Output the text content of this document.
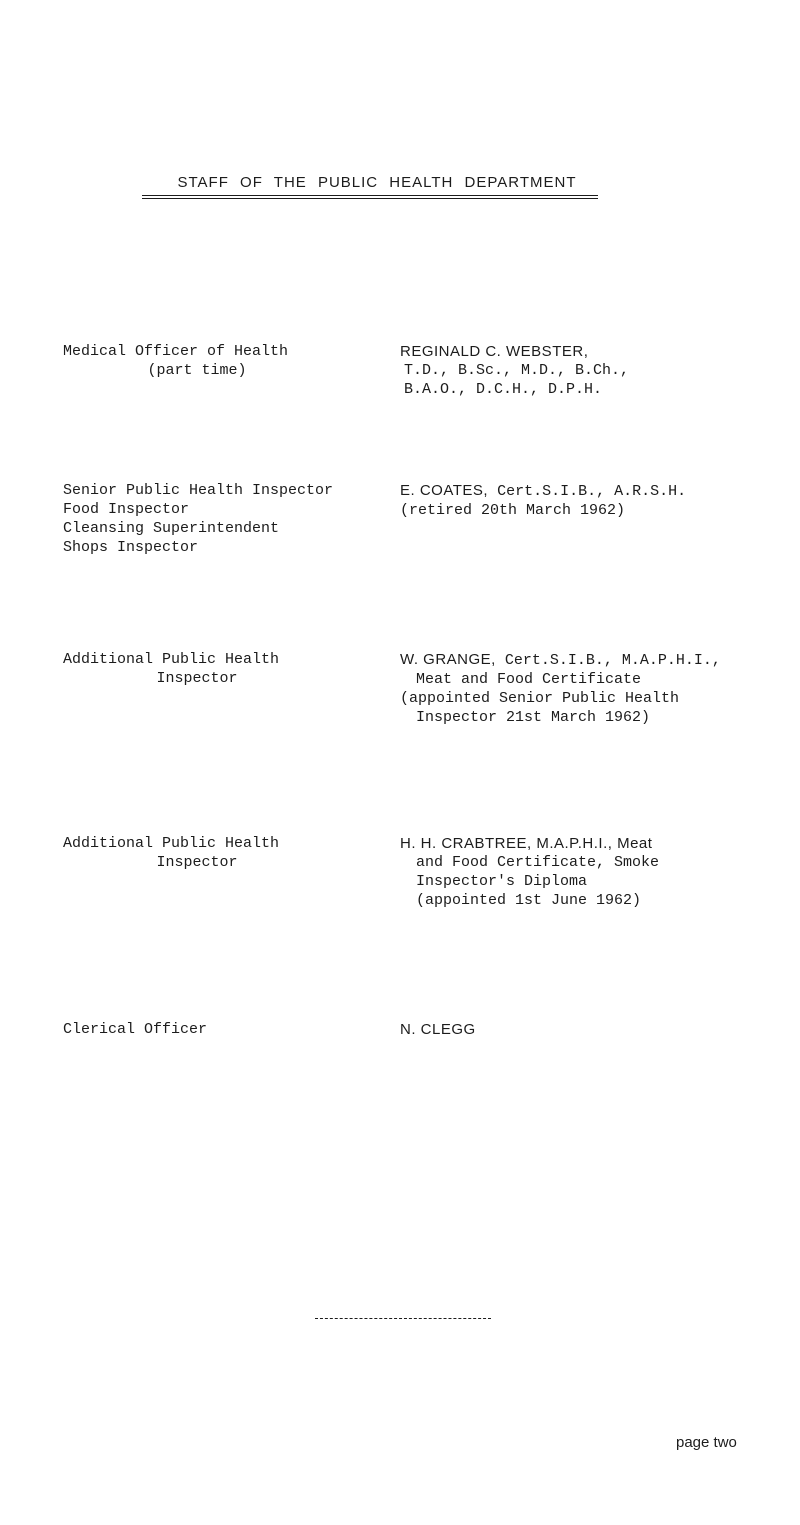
STAFF OF THE PUBLIC HEALTH DEPARTMENT
Medical Officer of Health
(part time)
REGINALD C. WEBSTER,
T.D., B.Sc., M.D., B.Ch.,
B.A.O., D.C.H., D.P.H.
Senior Public Health Inspector
Food Inspector
Cleansing Superintendent
Shops Inspector
E. COATES, Cert.S.I.B., A.R.S.H.
(retired 20th March 1962)
Additional Public Health
Inspector
W. GRANGE, Cert.S.I.B., M.A.P.H.I.,
Meat and Food Certificate
(appointed Senior Public Health
Inspector 21st March 1962)
Additional Public Health
Inspector
H. H. CRABTREE, M.A.P.H.I., Meat
and Food Certificate, Smoke
Inspector's Diploma
(appointed 1st June 1962)
Clerical Officer	N. CLEGG
page two
